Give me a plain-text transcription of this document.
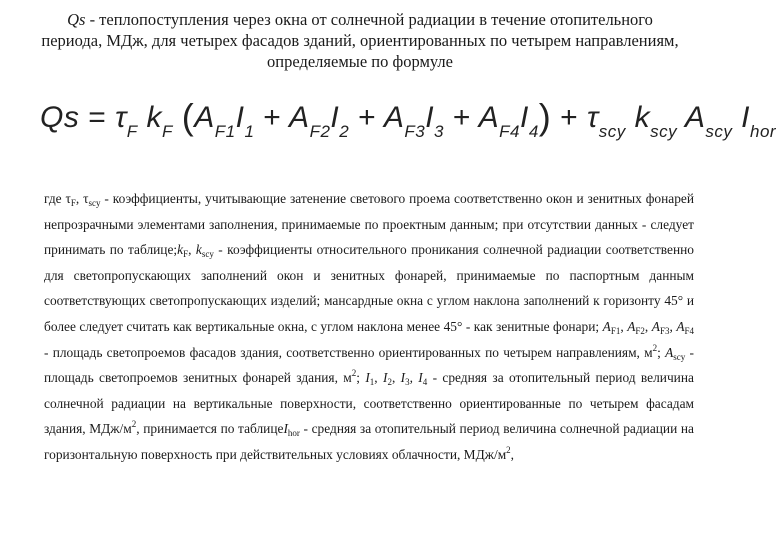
Qs - теплопоступления через окна от солнечной радиации в течение отопительного периода, МДж, для четырех фасадов зданий, ориентированных по четырем направлениям, определяемые по формуле
$Qs = \tau_F$ $k_F$ $(A_{F1}I_1 + A_{F2}I_2 + A_{F3}I_3 + A_{F4}I_4) + \tau_{scy}$ $k_{scy}$ $A_{scy}$ $I_{hor}$
где $\tau_F$, $\tau_{scy}$ - коэффициенты, учитывающие затенение светового проема соответственно окон и зенитных фонарей непрозрачными элементами заполнения, принимаемые по проектным данным; при отсутствии данных - следует принимать по $таблице;k_F$, $k_{scy}$ - коэффициенты относительного проникания солнечной радиации соответственно для светопропускающих заполнений окон и зенитных фонарей, принимаемые по паспортным данным соответствующих светопропускающих изделий; мансардные окна с углом наклона заполнений к горизонту 45° и более следует считать как вертикальные окна, с углом наклона менее 45° - как зенитные фонари; $A_{F1}$, $A_{F2}$, $A_{F3}$, $A_{F4}$ - площадь светопроемов фасадов здания, соответственно ориентированных по четырем направлениям, $м^2$; $A_{scy}$ - площадь светопроемов зенитных фонарей здания, $м^2$; $I_1$, $I_2$, $I_3$, $I_4$ - средняя за отопительный период величина солнечной радиации на вертикальные поверхности, соответственно ориентированные по четырем фасадам здания, МДж/$м^2$, принимается по таблицеI$_{hor}$ - средняя за отопительный период величина солнечной радиации на горизонтальную поверхность при действительных условиях облачности, МДж/$м^2$,
